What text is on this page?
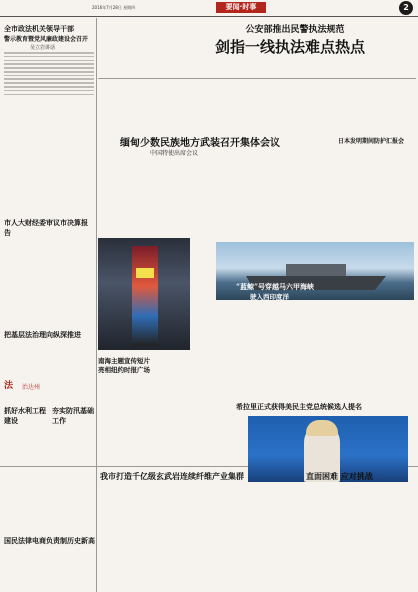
2016年7月28日 星期四	要闻·时事	2
全市政法机关领导干部
警示教育暨党风廉政建设会召开
吴立岩讲话
公安部推出民警执法规范
剑指一线执法难点热点
市人大财经委审议市决算报告
缅甸少数民族地方武装召开集体会议
中国特使出席会议
日本发明期间防护汇报会
把基层法治理向纵深推进
南海主题宣传短片
亮相纽约时报广场
“蓝鲸”号穿越马六甲海峡
驶入西印度洋
希拉里正式获得美民主党总统候选人提名
抓好水利工程建设
夯实防汛基础工作
国民法律电商负责制历史新高
我市打造千亿级玄武岩连续纤维产业集群	直面困难 应对挑战
法	治达州
